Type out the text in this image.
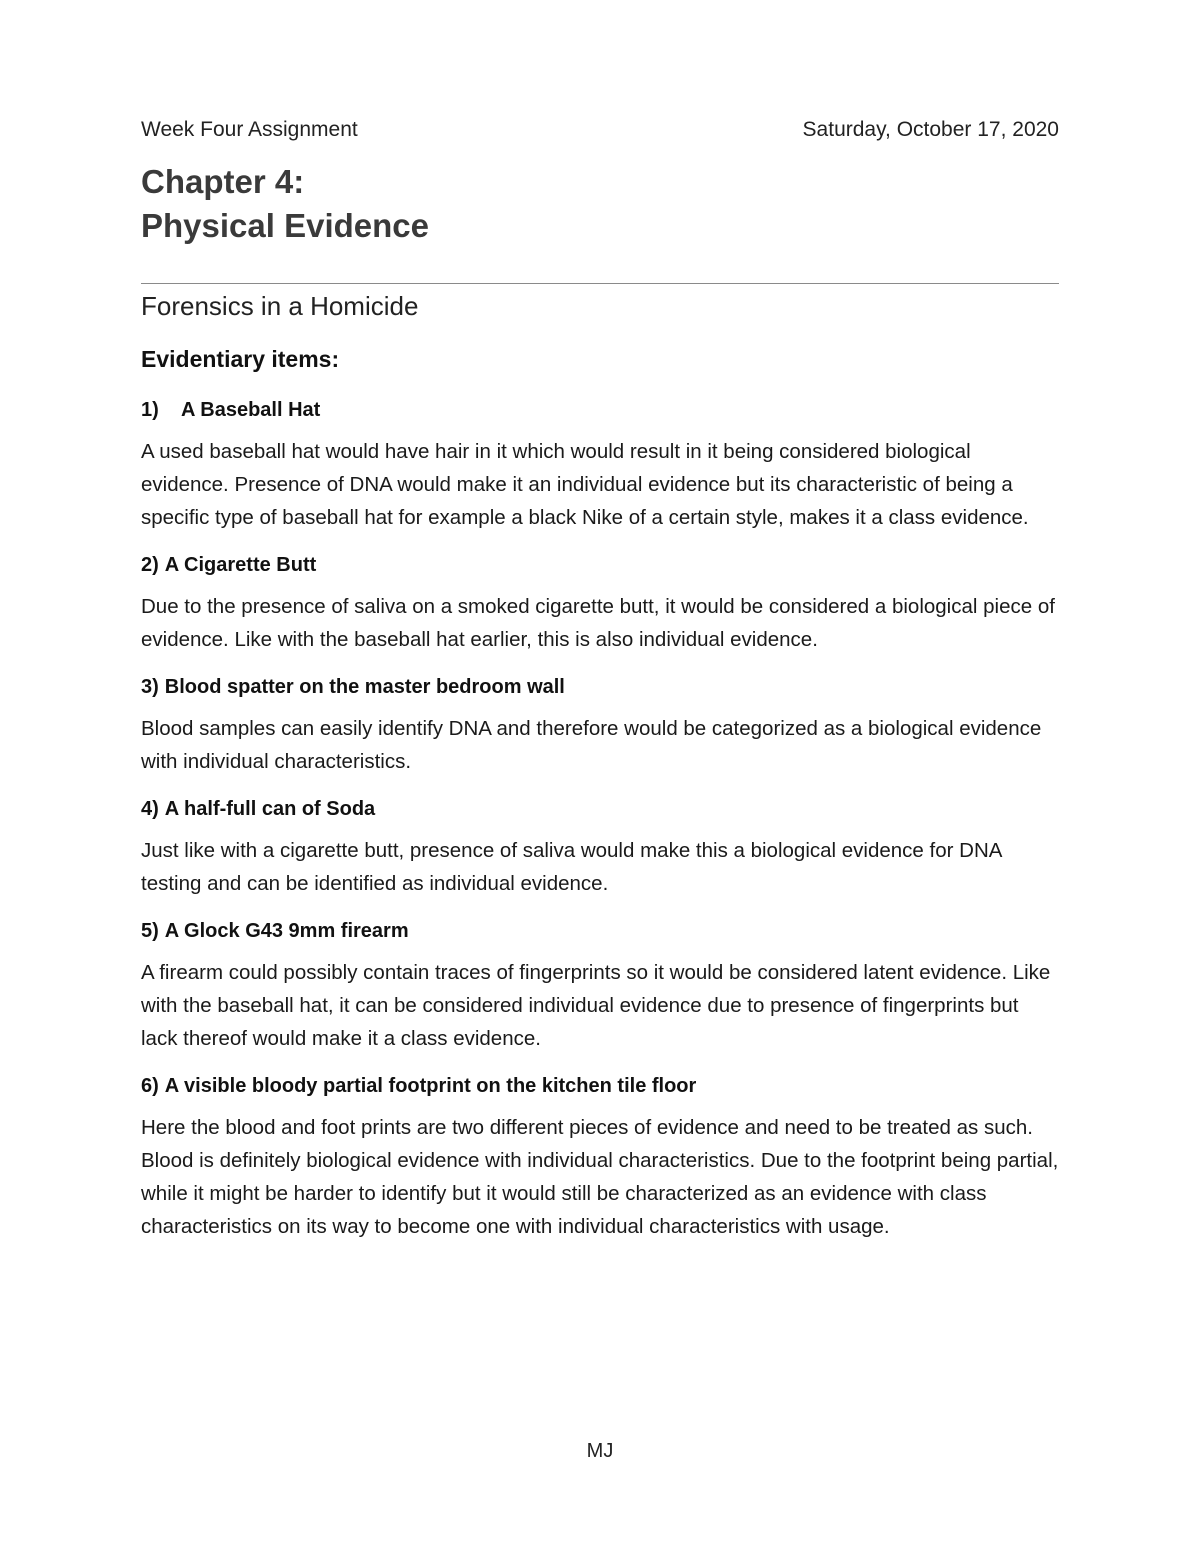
Week Four Assignment	Saturday, October 17, 2020
Chapter 4:
Physical Evidence
Forensics in a Homicide
Evidentiary items:
1) A Baseball Hat
A used baseball hat would have hair in it which would result in it being considered biological evidence. Presence of DNA would make it an individual evidence but its characteristic of being a specific type of baseball hat for example a black Nike of a certain style, makes it a class evidence.
2) A Cigarette Butt
Due to the presence of saliva on a smoked cigarette butt, it would be considered a biological piece of evidence. Like with the baseball hat earlier, this is also individual evidence.
3) Blood spatter on the master bedroom wall
Blood samples can easily identify DNA and therefore would be categorized as a biological evidence with individual characteristics.
4) A half-full can of Soda
Just like with a cigarette butt, presence of saliva would make this a biological evidence for DNA testing and can be identified as individual evidence.
5) A Glock G43 9mm firearm
A firearm could possibly contain traces of fingerprints so it would be considered latent evidence. Like with the baseball hat, it can be considered individual evidence due to presence of fingerprints but lack thereof would make it a class evidence.
6) A visible bloody partial footprint on the kitchen tile floor
Here the blood and foot prints are two different pieces of evidence and need to be treated as such. Blood is definitely biological evidence with individual characteristics. Due to the footprint being partial, while it might be harder to identify but it would still be characterized as an evidence with class characteristics on its way to become one with individual characteristics with usage.
MJ
